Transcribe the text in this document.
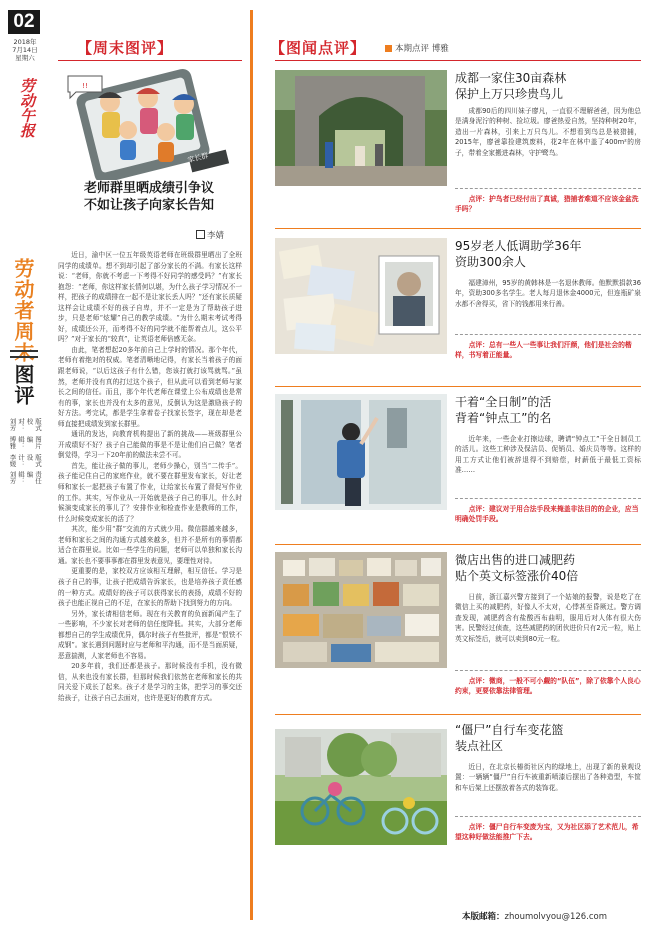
02
2018年
7月14日
星期六
劳动午报
劳动者周末
图评
责任编辑：刘芳
版式设计：李媛
图片编辑：博雅
版式校对：刘芳
【周末图评】
!!
家长群
老师群里晒成绩引争议
不如让孩子向家长告知
李婧

近日，渝中区一位五年级英语老师在班级群里晒出了全班同学的成绩单。想不到却引起了部分家长的不满。有家长这样说：“老师，你就不考虑一下考得不好同学的感受吗？”有家长抱怨：“老师，你这样家长情何以堪，为什么孩子学习情况不一样，把孩子的成绩排在一起不是让家长丢人吗？”还有家长质疑这样会让成绩不好的孩子自卑，并不一定是为了帮助孩子进步，只是老师“炫耀”自己的教学成绩。“为什么期末考试考得好，成绩还公开，而考得不好的同学就不能帮着点儿，这公平吗？”对于家长的“较真”，让英语老师倍感无奈。

由此，笔者想起20多年前自己上学时的情况。那个年代，老师有着绝对的权威。笔者清晰地记得，有家长当着孩子的面跟老师说，“以后这孩子有什么错，您该打就打该骂就骂。”虽然，老师并没有真的打过这个孩子，但从此可以看到老师与家长之间的信任。而且，那个年代老师在课堂上公布成绩也是常有的事，家长也并没有太多的意见，反倒认为这是激励孩子的好方法。考完试，都是学生拿着卷子找家长签字，现在却是老师直接把成绩发到家长群里。

通讯的发达，向教育机构提出了新的挑战——班级群里公开成绩好不好？孩子自己能做的事是不是让他们自己做？笔者倒觉得，学习一下20年前的做法未尝不可。

首先，能让孩子做的事儿，老师少操心，别当“二传手”。孩子能记住自己的家庭作业，就不要在群里发布家长，好让老师和家长一起把孩子布置了作业，让给家长布置了督促写作业的工作。其实，写作业从一开始就是孩子自己的事儿，什么时候演变成家长的事儿了？安排作业和检查作业是教师的工作，什么时候变成家长的活了？

其次，能少用“群”交流的方式就少用。微信群越来越多，老师和家长之间的沟通方式越来越多，但并不是所有的事情都适合在群里说。比如一些学生的问题，老师可以单独和家长沟通。家长也不要事事都在群里发表意见，要理性对待。

更重要的是，家校双方应该相互理解，相互信任。学习是孩子自己的事，让孩子把成绩告诉家长，也是培养孩子责任感的一种方式。成绩好的孩子可以获得家长的表扬，成绩不好的孩子也能正视自己的不足，在家长的帮助下找到努力的方向。

另外，家长请相信老师。现在有关教育的负面新闻产生了一些影响，不少家长对老师的信任度降低。其实，大部分老师都想自己的学生成绩优异，偶尔时孩子有些批评，都是“恨铁不成钢”。家长遇到问题时应与老师和平沟通，而不是当面质疑，恶意揣测，人家老师也不容易。

20多年前，我们还都是孩子。那时候没有手机，没有微信，从来也没有家长群，但那时候我们依然在老师和家长的共同关爱下成长了起来。孩子才是学习的主体，把学习的事交还给孩子，让孩子自己去面对，也许是更好的教育方式。

【图闻点评】	本期点评 博雅
成都一家住30亩森林
保护上万只珍贵鸟儿
成都90后的四川妹子廖凡，一直很不理解爸爸，因为他总是满身泥泞的种树、捡垃圾。廖爸热爱自然，坚持种树20年，造出一片森林，引来上万只鸟儿。不想看到鸟总是被猎捕，2015年，廖爸靠捡建筑废料，花2年在林中盖了400m²的房子，带着全家搬进森林，守护鹭鸟。
点评：护鸟者已经付出了真诚，猎捕者难道不应该金盆洗手吗？
95岁老人低调助学36年
资助300余人
福建漳州，95岁的黄韩林是一名退休教师。他默默捐款36年，资助300多名学生。老人每月退休金4000元，但连瓶矿泉水都不舍得买，省下的钱都用来行善。
点评：总有一些人一些事让我们汗颜，他们是社会的楷样，书写着正能量。
干着“全日制”的活
背着“钟点工”的名
近年来，一些企业打擦边球，聘请“钟点工”干全日制员工的活儿。这些工种涉及保洁员、促销员、婚庆员等等。这样的用工方式让他们被辞退得不到赔偿，时薪低于最低工资标准……
点评：建议对于用合法手段来掩盖非法目的的企业，应当明确处罚手段。
微店出售的进口减肥药
贴个英文标签涨价40倍
日前，浙江嘉兴警方接到了一个姑娘的报警，说是吃了在微信上买的减肥药，好像人不太对，心悸甚至昏厥过。警方调查发现，减肥药含有盐酸西布曲明，服用后对人体有很大伤害。民警经过侦查，这些减肥药的团伙进价只有2元一粒，贴上英文标签后，就可以卖到80元一粒。
点评：微商，一般不可小觑的“队伍”，除了依靠个人良心约束，更要依靠法律管理。
“僵尸”自行车变花篮
装点社区
近日，在北京长椿街社区内的绿地上，出现了新的景观设置：一辆辆“僵尸”自行车被重新喷漆后摆出了各种造型，车筐和车后架上还摆放着各式的装饰花。
点评：僵尸自行车变废为宝，又为社区添了艺术范儿，希望这种好做法能推广下去。
本版邮箱：zhoumolvyou@126.com
